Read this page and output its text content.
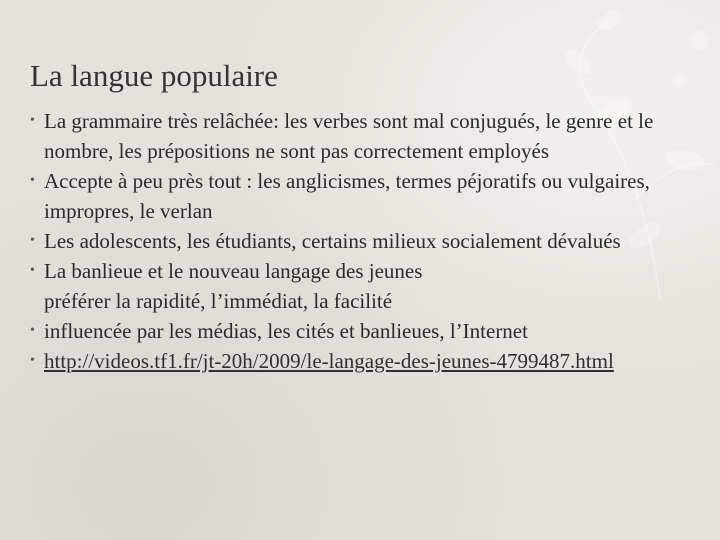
La langue populaire
• La grammaire très relâchée: les verbes sont mal conjugués, le genre et le nombre, les prépositions ne sont pas correctement employés
• Accepte à peu près tout : les anglicismes, termes péjoratifs ou vulgaires, impropres, le verlan
• Les adolescents, les étudiants, certains milieux socialement dévalués
• La banlieue et le nouveau langage des jeunes
préférer la rapidité, l’immédiat, la facilité
• influencée par les médias, les cités et banlieues, l’Internet
• http://videos.tf1.fr/jt-20h/2009/le-langage-des-jeunes-4799487.html
